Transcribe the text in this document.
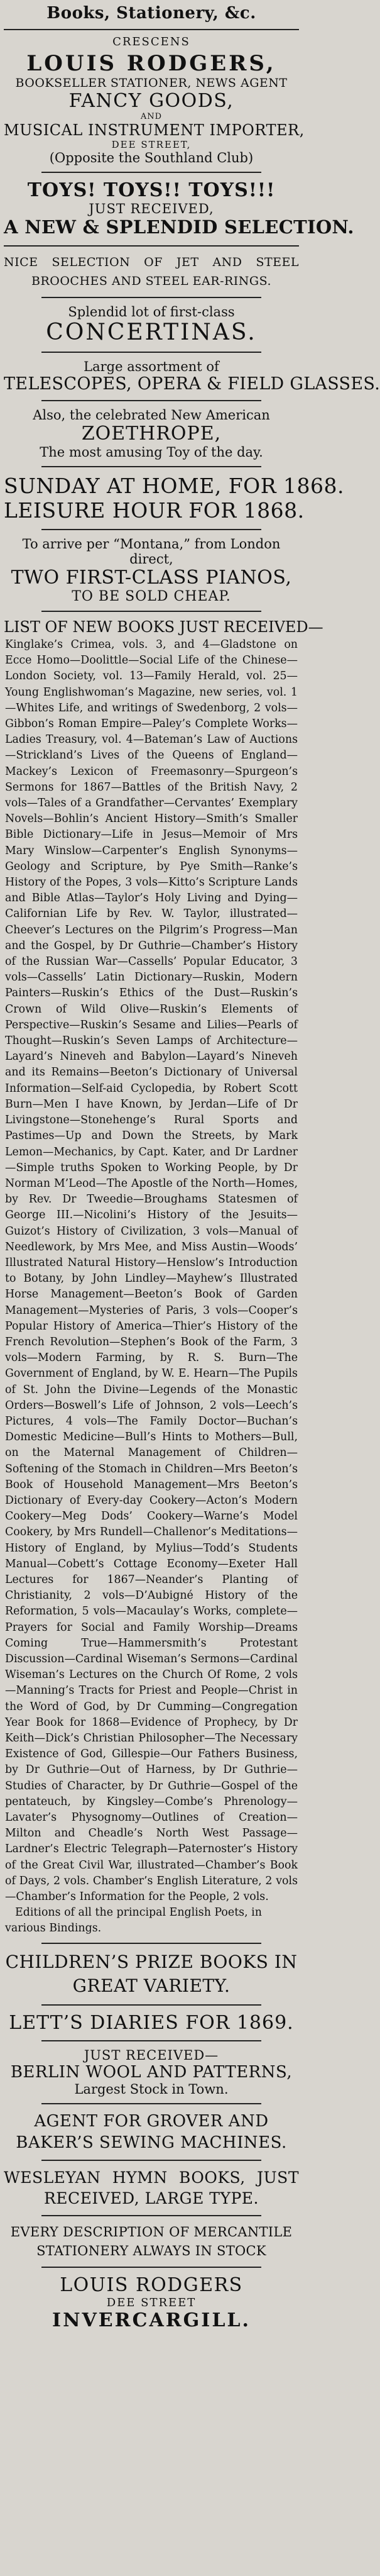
Books, Stationery, &c.
CRESCENS
LOUIS RODGERS,
BOOKSELLER STATIONER, NEWS AGENT
FANCY GOODS,
AND
MUSICAL INSTRUMENT IMPORTER,
DEE STREET,
(Opposite the Southland Club)
TOYS! TOYS!! TOYS!!!
JUST RECEIVED,
A NEW & SPLENDID SELECTION.
NICE SELECTION OF JET AND STEEL BROOCHES AND STEEL EAR-RINGS.
Splendid lot of first-class
CONCERTINAS.
Large assortment of
TELESCOPES, OPERA & FIELD GLASSES.
Also, the celebrated New American
ZOETHROPE,
The most amusing Toy of the day.
SUNDAY AT HOME, FOR 1868.
LEISURE HOUR FOR 1868.
To arrive per “Montana,” from London direct,
TWO FIRST-CLASS PIANOS,
TO BE SOLD CHEAP.
LIST OF NEW BOOKS JUST RECEIVED—
Kinglake’s Crimea, vols. 3, and 4—Gladstone on Ecce Homo—Doolittle—Social Life of the Chinese—London Society, vol. 13—Family Herald, vol. 25—Young Englishwoman’s Magazine, new series, vol. 1—Whites Life, and writings of Swedenborg, 2 vols—Gibbon’s Roman Empire—Paley’s Complete Works—Ladies Treasury, vol. 4—Bateman’s Law of Auctions—Strickland’s Lives of the Queens of England—Mackey’s Lexicon of Freemasonry—Spurgeon’s Sermons for 1867—Battles of the British Navy, 2 vols—Tales of a Grandfather—Cervantes’ Exemplary Novels—Bohlin’s Ancient History—Smith’s Smaller Bible Dictionary—Life in Jesus—Memoir of Mrs Mary Winslow—Carpenter’s English Synonyms—Geology and Scripture, by Pye Smith—Ranke’s History of the Popes, 3 vols—Kitto’s Scripture Lands and Bible Atlas—Taylor’s Holy Living and Dying—Californian Life by Rev. W. Taylor, illustrated—Cheever’s Lectures on the Pilgrim’s Progress—Man and the Gospel, by Dr Guthrie—Chamber’s History of the Russian War—Cassells’ Popular Educator, 3 vols—Cassells’ Latin Dictionary—Ruskin, Modern Painters—Ruskin’s Ethics of the Dust—Ruskin’s Crown of Wild Olive—Ruskin’s Elements of Perspective—Ruskin’s Sesame and Lilies—Pearls of Thought—Ruskin’s Seven Lamps of Architecture—Layard’s Nineveh and Babylon—Layard’s Nineveh and its Remains—Beeton’s Dictionary of Universal Information—Self-aid Cyclopedia, by Robert Scott Burn—Men I have Known, by Jerdan—Life of Dr Livingstone—Stonehenge’s Rural Sports and Pastimes—Up and Down the Streets, by Mark Lemon—Mechanics, by Capt. Kater, and Dr Lardner—Simple truths Spoken to Working People, by Dr Norman M’Leod—The Apostle of the North—Homes, by Rev. Dr Tweedie—Broughams Statesmen of George III.—Nicolini’s History of the Jesuits—Guizot’s History of Civilization, 3 vols—Manual of Needlework, by Mrs Mee, and Miss Austin—Woods’ Illustrated Natural History—Henslow’s Introduction to Botany, by John Lindley—Mayhew’s Illustrated Horse Management—Beeton’s Book of Garden Management—Mysteries of Paris, 3 vols—Cooper’s Popular History of America—Thier’s History of the French Revolution—Stephen’s Book of the Farm, 3 vols—Modern Farming, by R. S. Burn—The Government of England, by W. E. Hearn—The Pupils of St. John the Divine—Legends of the Monastic Orders—Boswell’s Life of Johnson, 2 vols—Leech’s Pictures, 4 vols—The Family Doctor—Buchan’s Domestic Medicine—Bull’s Hints to Mothers—Bull, on the Maternal Management of Children—Softening of the Stomach in Children—Mrs Beeton’s Book of Household Management—Mrs Beeton’s Dictionary of Every-day Cookery—Acton’s Modern Cookery—Meg Dods’ Cookery—Warne’s Model Cookery, by Mrs Rundell—Challenor’s Meditations—History of England, by Mylius—Todd’s Students Manual—Cobett’s Cottage Economy—Exeter Hall Lectures for 1867—Neander’s Planting of Christianity, 2 vols—D’Aubigné History of the Reformation, 5 vols—Macaulay’s Works, complete—Prayers for Social and Family Worship—Dreams Coming True—Hammersmith’s Protestant Discussion—Cardinal Wiseman’s Sermons—Cardinal Wiseman’s Lectures on the Church Of Rome, 2 vols—Manning’s Tracts for Priest and People—Christ in the Word of God, by Dr Cumming—Congregation Year Book for 1868—Evidence of Prophecy, by Dr Keith—Dick’s Christian Philosopher—The Necessary Existence of God, Gillespie—Our Fathers Business, by Dr Guthrie—Out of Harness, by Dr Guthrie—Studies of Character, by Dr Guthrie—Gospel of the pentateuch, by Kingsley—Combe’s Phrenology—Lavater’s Physognomy—Outlines of Creation—Milton and Cheadle’s North West Passage—Lardner’s Electric Telegraph—Paternoster’s History of the Great Civil War, illustrated—Chamber’s Book of Days, 2 vols. Chamber’s English Literature, 2 vols—Chamber’s Information for the People, 2 vols.
Editions of all the principal English Poets, in various Bindings.
CHILDREN’S PRIZE BOOKS IN GREAT VARIETY.
LETT’S DIARIES FOR 1869.
JUST RECEIVED—
BERLIN WOOL AND PATTERNS,
Largest Stock in Town.
AGENT FOR GROVER AND BAKER’S SEWING MACHINES.
WESLEYAN HYMN BOOKS, JUST RECEIVED, LARGE TYPE.
EVERY DESCRIPTION OF MERCANTILE STATIONERY ALWAYS IN STOCK
LOUIS RODGERS
DEE STREET
INVERCARGILL.
